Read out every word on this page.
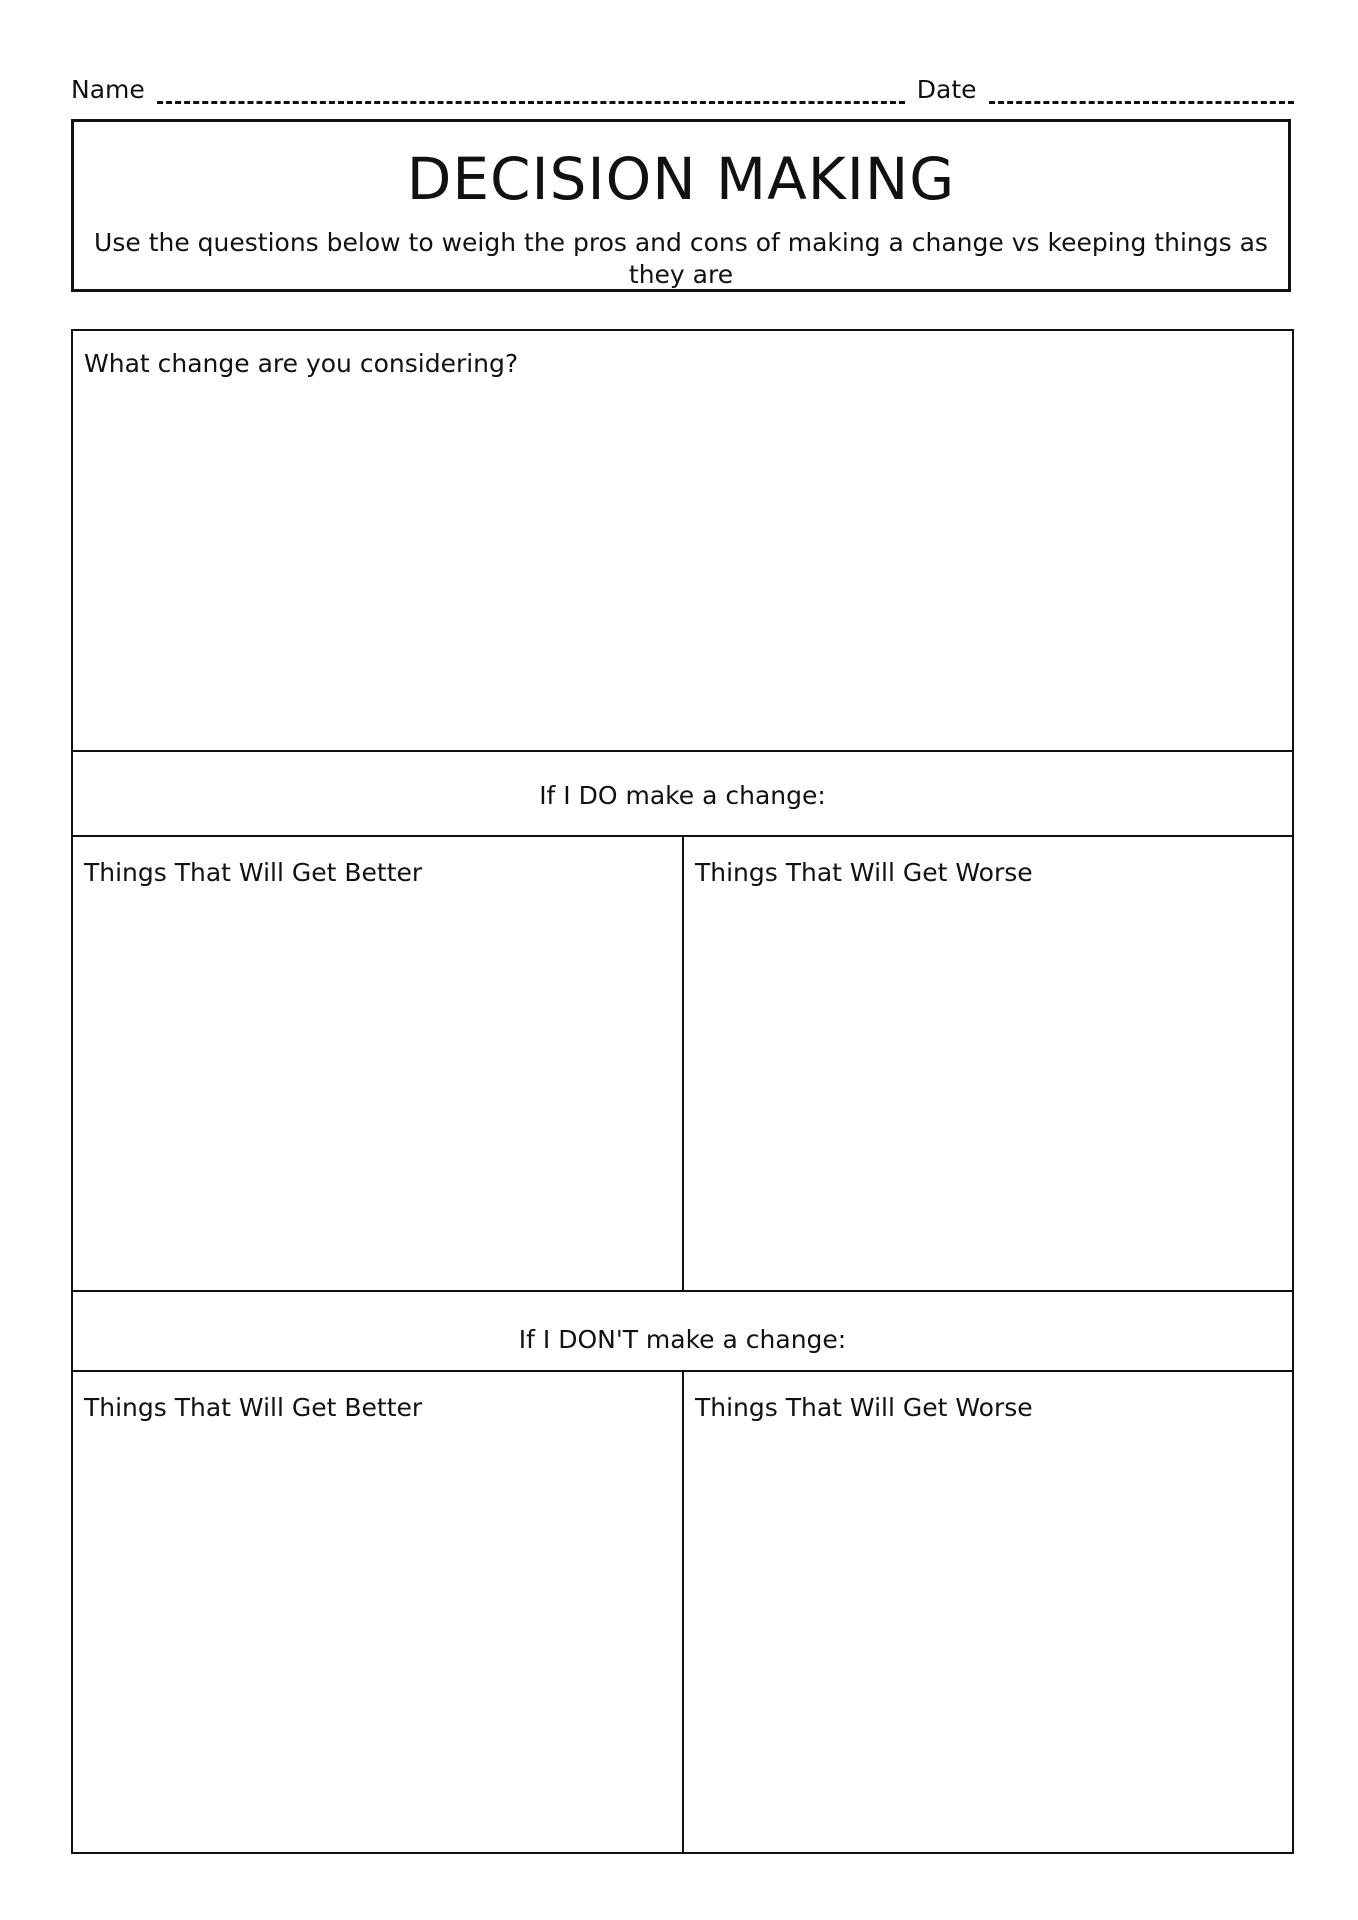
Name	Date
DECISION MAKING

Use the questions below to weigh the pros and cons of making a change vs keeping things as they are

What change are you considering?
If I DO make a change:
Things That Will Get Better	Things That Will Get Worse
If I DON'T make a change:
Things That Will Get Better	Things That Will Get Worse
